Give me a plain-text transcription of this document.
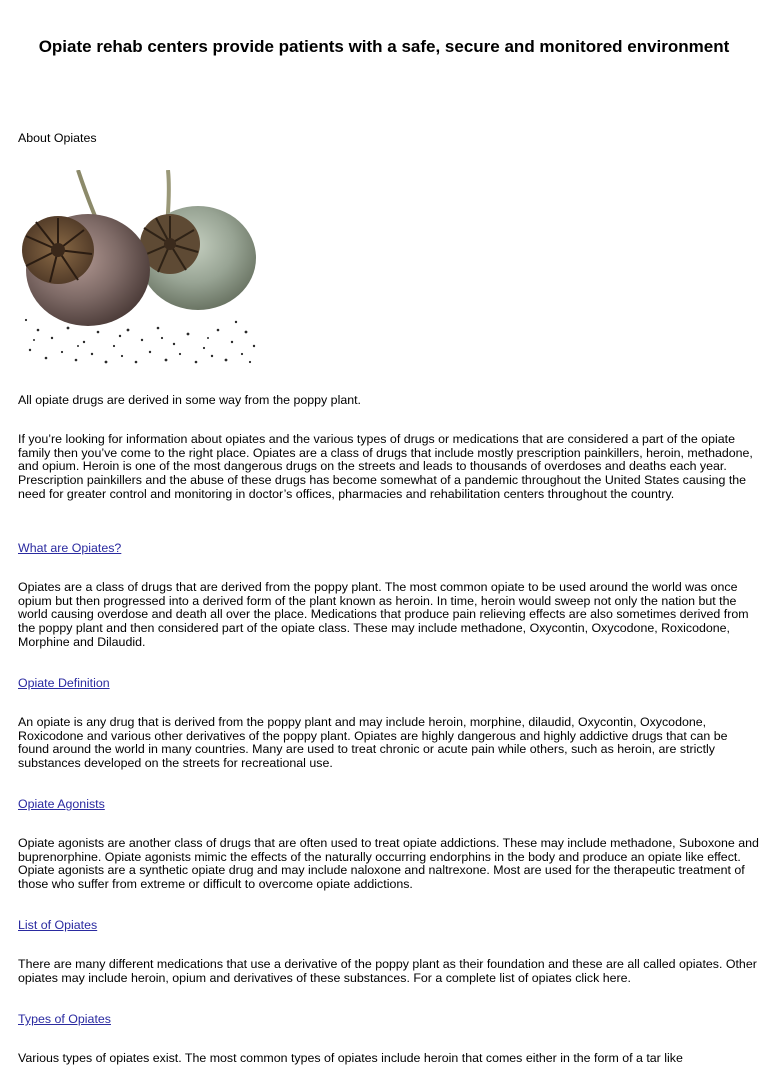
Opiate rehab centers provide patients with a safe, secure and monitored environment

About Opiates

All opiate drugs are derived in some way from the poppy plant.

If you’re looking for information about opiates and the various types of drugs or medications that are considered a part of the opiate family then you’ve come to the right place. Opiates are a class of drugs that include mostly prescription painkillers, heroin, methadone, and opium. Heroin is one of the most dangerous drugs on the streets and leads to thousands of overdoses and deaths each year. Prescription painkillers and the abuse of these drugs has become somewhat of a pandemic throughout the United States causing the need for greater control and monitoring in doctor’s offices, pharmacies and rehabilitation centers throughout the country.

What are Opiates?

Opiates are a class of drugs that are derived from the poppy plant. The most common opiate to be used around the world was once opium but then progressed into a derived form of the plant known as heroin. In time, heroin would sweep not only the nation but the world causing overdose and death all over the place. Medications that produce pain relieving effects are also sometimes derived from the poppy plant and then considered part of the opiate class. These may include methadone, Oxycontin, Oxycodone, Roxicodone, Morphine and Dilaudid.

Opiate Definition

An opiate is any drug that is derived from the poppy plant and may include heroin, morphine, dilaudid, Oxycontin, Oxycodone, Roxicodone and various other derivatives of the poppy plant. Opiates are highly dangerous and highly addictive drugs that can be found around the world in many countries. Many are used to treat chronic or acute pain while others, such as heroin, are strictly substances developed on the streets for recreational use.

Opiate Agonists

Opiate agonists are another class of drugs that are often used to treat opiate addictions. These may include methadone, Suboxone and buprenorphine. Opiate agonists mimic the effects of the naturally occurring endorphins in the body and produce an opiate like effect. Opiate agonists are a synthetic opiate drug and may include naloxone and naltrexone. Most are used for the therapeutic treatment of those who suffer from extreme or difficult to overcome opiate addictions.

List of Opiates

There are many different medications that use a derivative of the poppy plant as their foundation and these are all called opiates. Other opiates may include heroin, opium and derivatives of these substances. For a complete list of opiates click here.

Types of Opiates

Various types of opiates exist. The most common types of opiates include heroin that comes either in the form of a tar like
